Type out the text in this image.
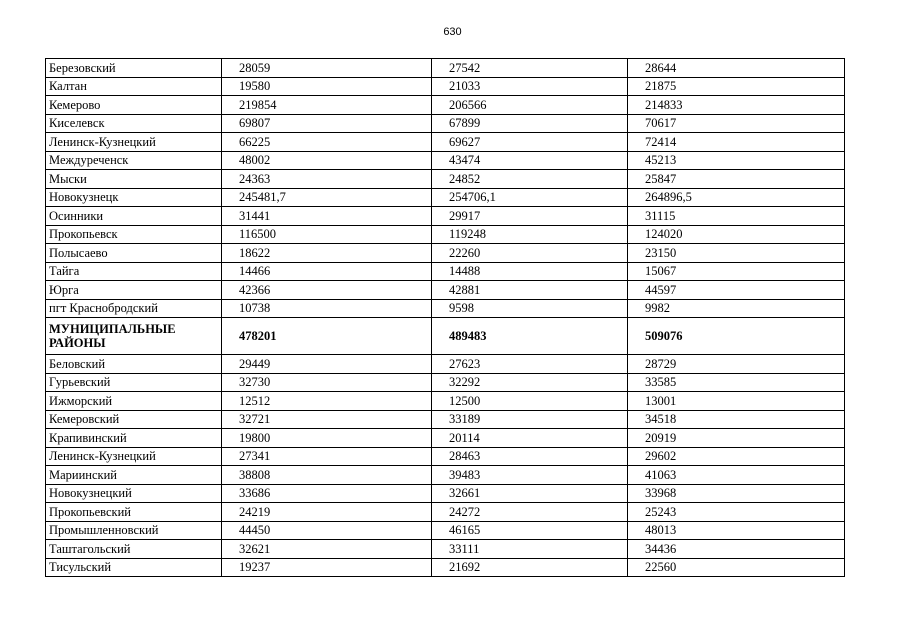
630
Березовский	28059	27542	28644
Калтан	19580	21033	21875
Кемерово	219854	206566	214833
Киселевск	69807	67899	70617
Ленинск-Кузнецкий	66225	69627	72414
Междуреченск	48002	43474	45213
Мыски	24363	24852	25847
Новокузнецк	245481,7	254706,1	264896,5
Осинники	31441	29917	31115
Прокопьевск	116500	119248	124020
Полысаево	18622	22260	23150
Тайга	14466	14488	15067
Юрга	42366	42881	44597
пгт Краснобродский	10738	9598	9982
МУНИЦИПАЛЬНЫЕ РАЙОНЫ	478201	489483	509076
Беловский	29449	27623	28729
Гурьевский	32730	32292	33585
Ижморский	12512	12500	13001
Кемеровский	32721	33189	34518
Крапивинский	19800	20114	20919
Ленинск-Кузнецкий	27341	28463	29602
Мариинский	38808	39483	41063
Новокузнецкий	33686	32661	33968
Прокопьевский	24219	24272	25243
Промышленновский	44450	46165	48013
Таштагольский	32621	33111	34436
Тисульский	19237	21692	22560
